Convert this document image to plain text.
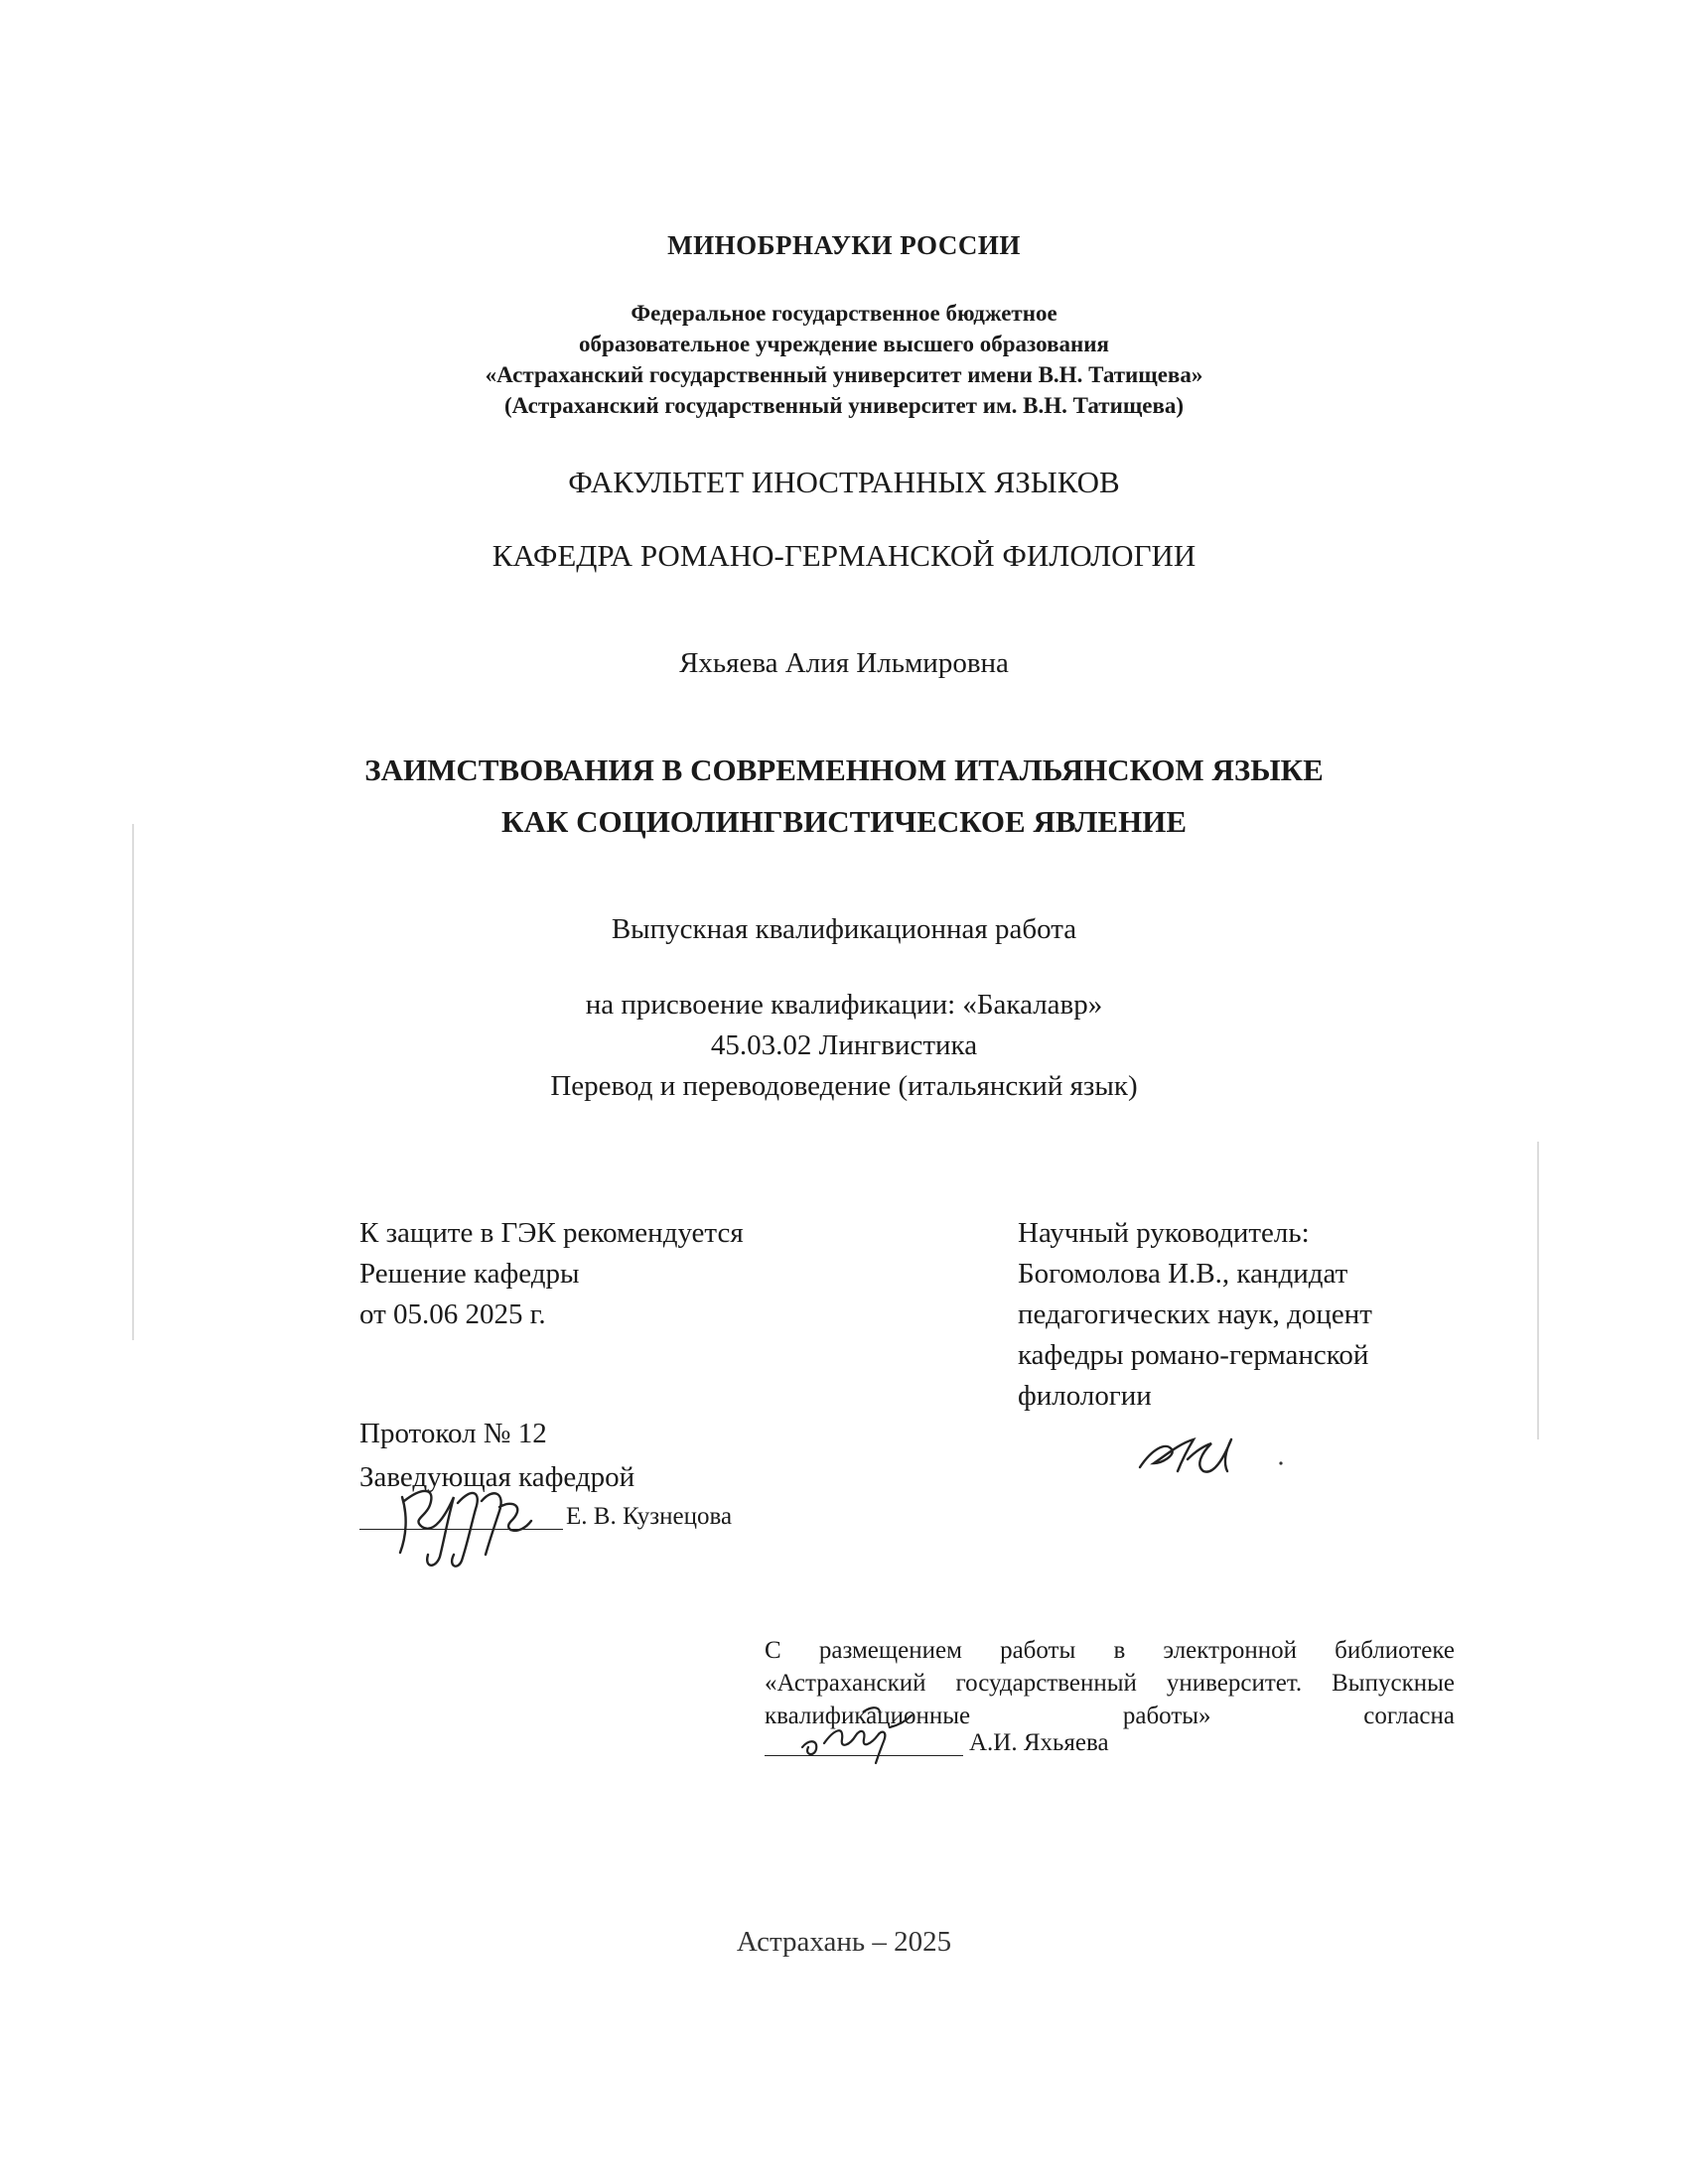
МИНОБРНАУКИ РОССИИ
Федеральное государственное бюджетное
образовательное учреждение высшего образования
«Астраханский государственный университет имени В.Н. Татищева»
(Астраханский государственный университет им. В.Н. Татищева)
ФАКУЛЬТЕТ ИНОСТРАННЫХ ЯЗЫКОВ
КАФЕДРА РОМАНО-ГЕРМАНСКОЙ ФИЛОЛОГИИ
Яхьяева Алия Ильмировна
ЗАИМСТВОВАНИЯ В СОВРЕМЕННОМ ИТАЛЬЯНСКОМ ЯЗЫКЕ
КАК СОЦИОЛИНГВИСТИЧЕСКОЕ ЯВЛЕНИЕ
Выпускная квалификационная работа
на присвоение квалификации: «Бакалавр»
45.03.02 Лингвистика
Перевод и переводоведение (итальянский язык)
К защите в ГЭК рекомендуется
Решение кафедры
от 05.06 2025 г.
Научный руководитель:
Богомолова И.В., кандидат
педагогических наук, доцент
кафедры романо-германской
филологии
Протокол № 12
Заведующая кафедрой
Е. В. Кузнецова
С размещением работы в электронной библиотеке «Астраханский государственный университет. Выпускные квалификационные работы» согласна
А.И. Яхьяева
Астрахань – 2025
